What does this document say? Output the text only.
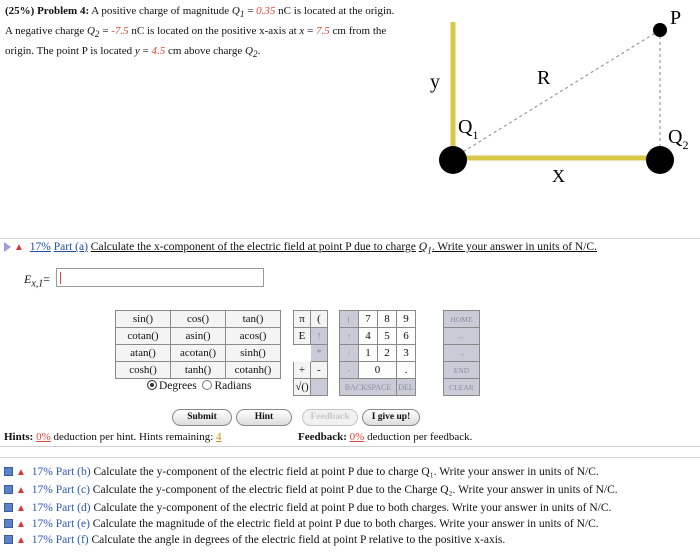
(25%) Problem 4: A positive charge of magnitude $Q_1 = 0.35$ nC is located at the origin.
A negative charge $Q_2 = -7.5$ nC is located on the positive x-axis at x = 7.5 cm from the
origin. The point P is located y = 4.5 cm above charge $Q_2$.
P
y	R
$Q_1$	$Q_2$
X
▲ 17% Part (a) Calculate the x-component of the electric field at point P due to charge $Q_1$. Write your answer in units of N/C.
$E_{x,1}=$
sin()	cos()	tan()
cotan()	asin()	acos()
atan()	acotan()	sinh()
cosh()	tanh()	cotanh()
π	(
E	↑
	*
+	-
√()	
(	7	8	9
↑	4	5	6
/	1	2	3
-	0		.
BACKSPACE			DEL
HOME
←
→
END
CLEAR
Degrees Radians
Submit	Hint	Feedback	I give up!
Hints: 0% deduction per hint. Hints remaining: 4	Feedback: 0% deduction per feedback.
▲ 17% Part (b) Calculate the y-component of the electric field at point P due to charge Q₁. Write your answer in units of N/C.
▲ 17% Part (c) Calculate the y-component of the electric field at point P due to the Charge Q₂. Write your answer in units of N/C.
▲ 17% Part (d) Calculate the y-component of the electric field at point P due to both charges. Write your answer in units of N/C.
▲ 17% Part (e) Calculate the magnitude of the electric field at point P due to both charges. Write your answer in units of N/C.
▲ 17% Part (f) Calculate the angle in degrees of the electric field at point P relative to the positive x-axis.
